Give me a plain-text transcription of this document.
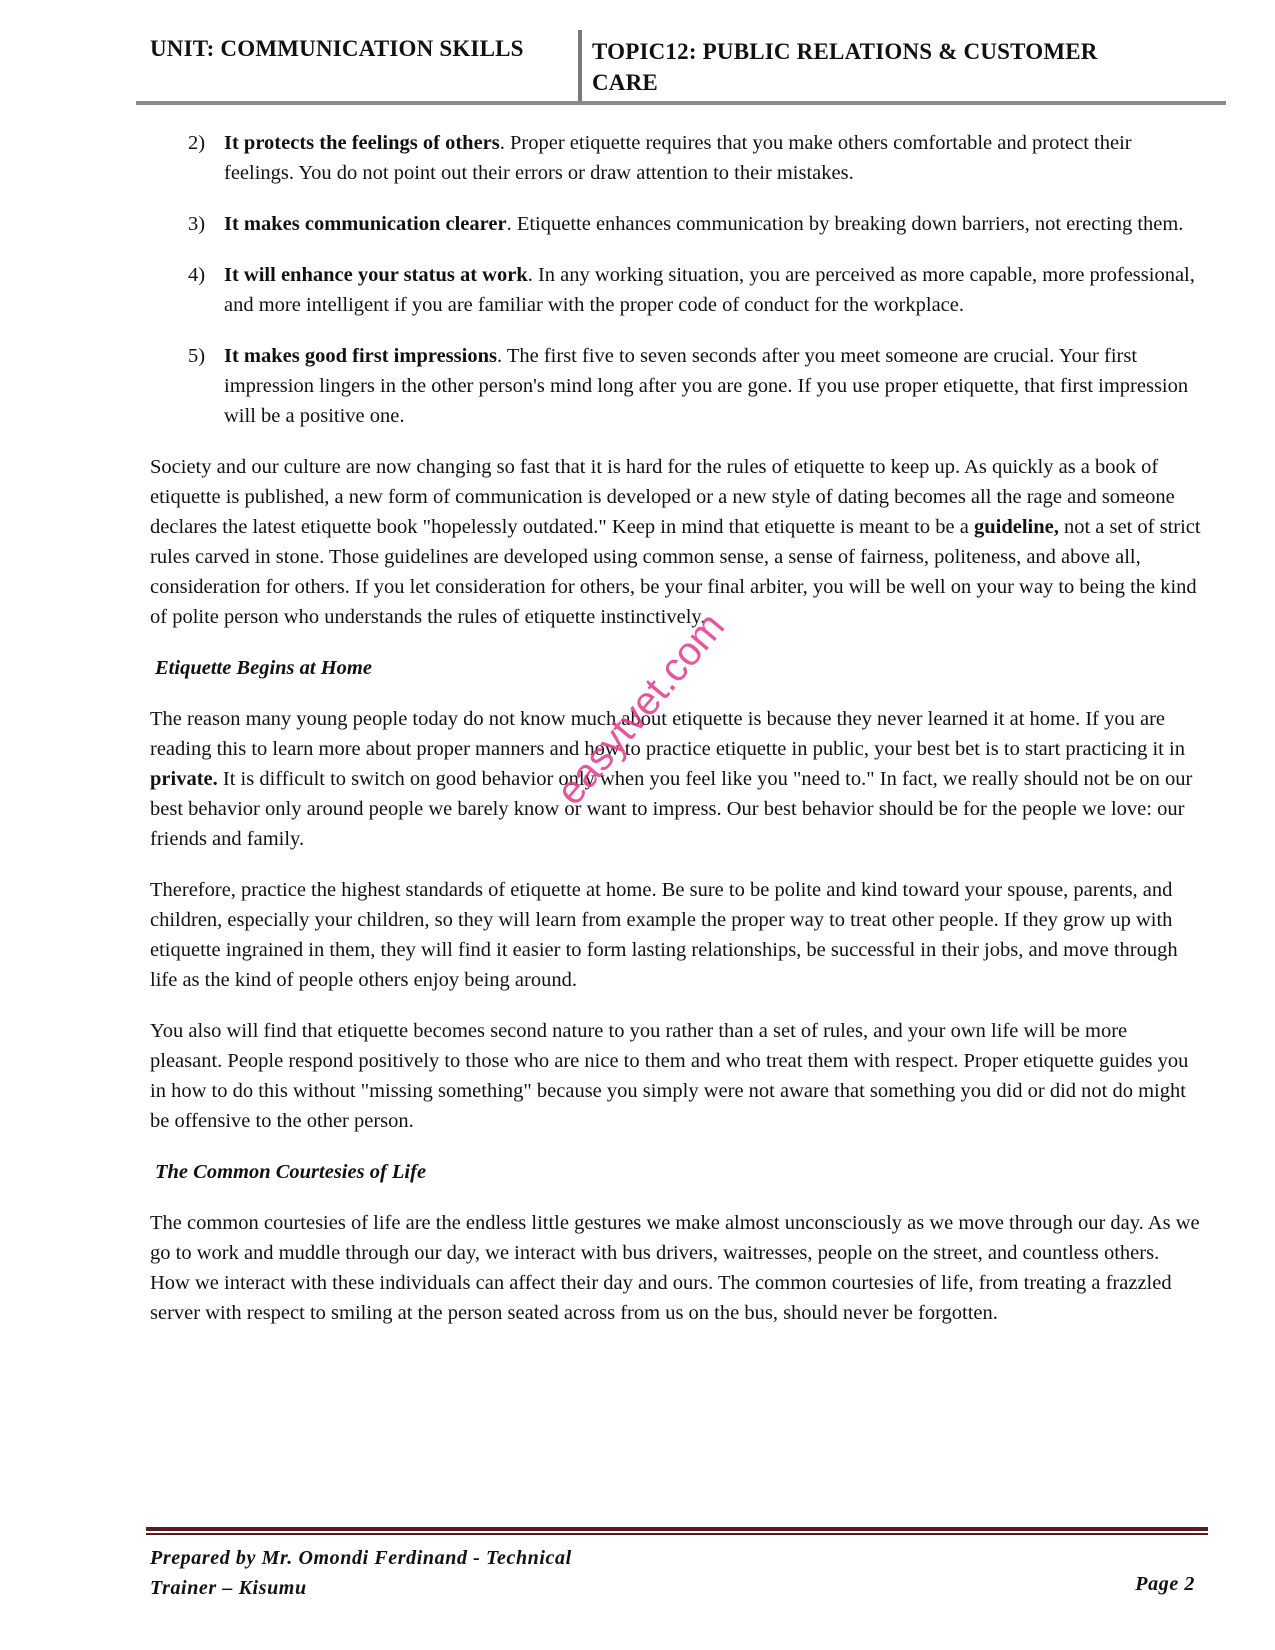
UNIT: COMMUNICATION SKILLS	TOPIC12: PUBLIC RELATIONS & CUSTOMER CARE
2) It protects the feelings of others. Proper etiquette requires that you make others comfortable and protect their feelings. You do not point out their errors or draw attention to their mistakes.
3) It makes communication clearer. Etiquette enhances communication by breaking down barriers, not erecting them.
4) It will enhance your status at work. In any working situation, you are perceived as more capable, more professional, and more intelligent if you are familiar with the proper code of conduct for the workplace.
5) It makes good first impressions. The first five to seven seconds after you meet someone are crucial. Your first impression lingers in the other person's mind long after you are gone. If you use proper etiquette, that first impression will be a positive one.

Society and our culture are now changing so fast that it is hard for the rules of etiquette to keep up. As quickly as a book of etiquette is published, a new form of communication is developed or a new style of dating becomes all the rage and someone declares the latest etiquette book "hopelessly outdated." Keep in mind that etiquette is meant to be a guideline, not a set of strict rules carved in stone. Those guidelines are developed using common sense, a sense of fairness, politeness, and above all, consideration for others. If you let consideration for others, be your final arbiter, you will be well on your way to being the kind of polite person who understands the rules of etiquette instinctively.

Etiquette Begins at Home

The reason many young people today do not know much about etiquette is because they never learned it at home. If you are reading this to learn more about proper manners and how to practice etiquette in public, your best bet is to start practicing it in private. It is difficult to switch on good behavior only when you feel like you "need to." In fact, we really should not be on our best behavior only around people we barely know or want to impress. Our best behavior should be for the people we love: our friends and family.

Therefore, practice the highest standards of etiquette at home. Be sure to be polite and kind toward your spouse, parents, and children, especially your children, so they will learn from example the proper way to treat other people. If they grow up with etiquette ingrained in them, they will find it easier to form lasting relationships, be successful in their jobs, and move through life as the kind of people others enjoy being around.

You also will find that etiquette becomes second nature to you rather than a set of rules, and your own life will be more pleasant. People respond positively to those who are nice to them and who treat them with respect. Proper etiquette guides you in how to do this without "missing something" because you simply were not aware that something you did or did not do might be offensive to the other person.

The Common Courtesies of Life

The common courtesies of life are the endless little gestures we make almost unconsciously as we move through our day. As we go to work and muddle through our day, we interact with bus drivers, waitresses, people on the street, and countless others. How we interact with these individuals can affect their day and ours. The common courtesies of life, from treating a frazzled server with respect to smiling at the person seated across from us on the bus, should never be forgotten.

easytvet.com
Prepared by Mr. Omondi Ferdinand - Technical
Trainer – Kisumu	Page 2
